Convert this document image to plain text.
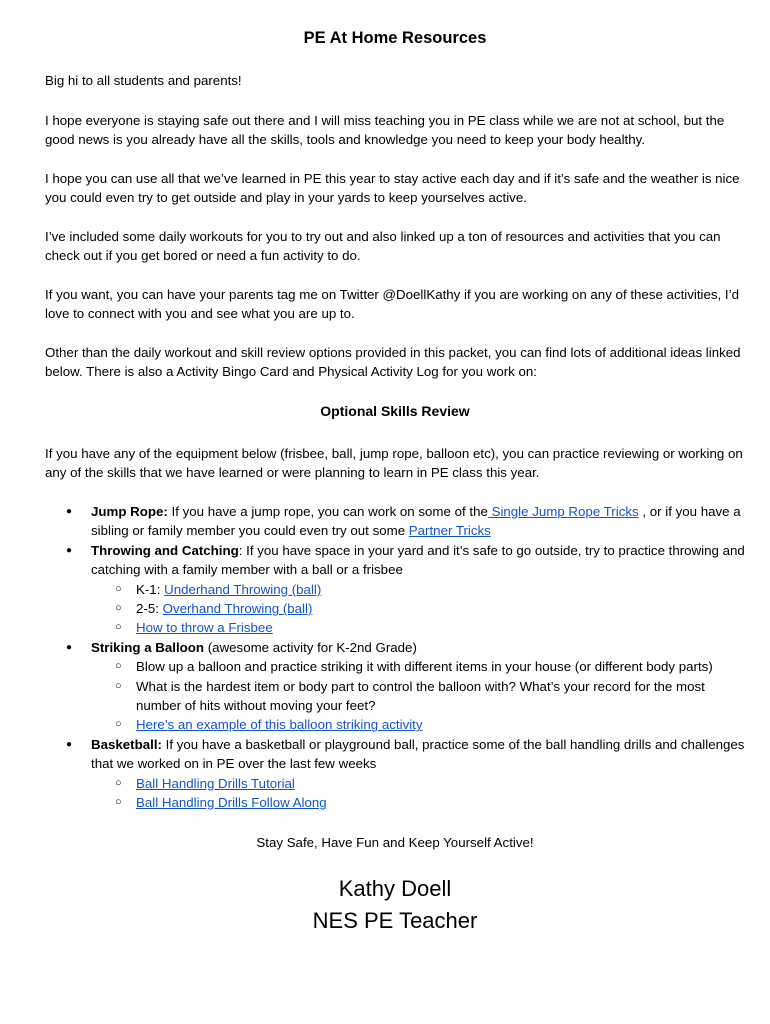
PE At Home Resources

Big hi to all students and parents!

I hope everyone is staying safe out there and I will miss teaching you in PE class while we are not at school, but the good news is you already have all the skills, tools and knowledge you need to keep your body healthy.

I hope you can use all that we’ve learned in PE this year to stay active each day and if it’s safe and the weather is nice you could even try to get outside and play in your yards to keep yourselves active.

I’ve included some daily workouts for you to try out and also linked up a ton of resources and activities that you can check out if you get bored or need a fun activity to do.

If you want, you can have your parents tag me on Twitter @DoellKathy if you are working on any of these activities, I’d love to connect with you and see what you are up to.

Other than the daily workout and skill review options provided in this packet, you can find lots of additional ideas linked below. There is also a Activity Bingo Card and Physical Activity Log for you work on:

Optional Skills Review

If you have any of the equipment below (frisbee, ball, jump rope, balloon etc), you can practice reviewing or working on any of the skills that we have learned or were planning to learn in PE class this year.

● Jump Rope: If you have a jump rope, you can work on some of the Single Jump Rope Tricks , or if you have a sibling or family member you could even try out some Partner Tricks
● Throwing and Catching: If you have space in your yard and it’s safe to go outside, try to practice throwing and catching with a family member with a ball or a frisbee
○ K-1: Underhand Throwing (ball)
○ 2-5: Overhand Throwing (ball)
○ How to throw a Frisbee
● Striking a Balloon (awesome activity for K-2nd Grade)
○ Blow up a balloon and practice striking it with different items in your house (or different body parts)
○ What is the hardest item or body part to control the balloon with? What’s your record for the most number of hits without moving your feet?
○ Here’s an example of this balloon striking activity
● Basketball: If you have a basketball or playground ball, practice some of the ball handling drills and challenges that we worked on in PE over the last few weeks
○ Ball Handling Drills Tutorial
○ Ball Handling Drills Follow Along

Stay Safe, Have Fun and Keep Yourself Active!

Kathy Doell
NES PE Teacher
